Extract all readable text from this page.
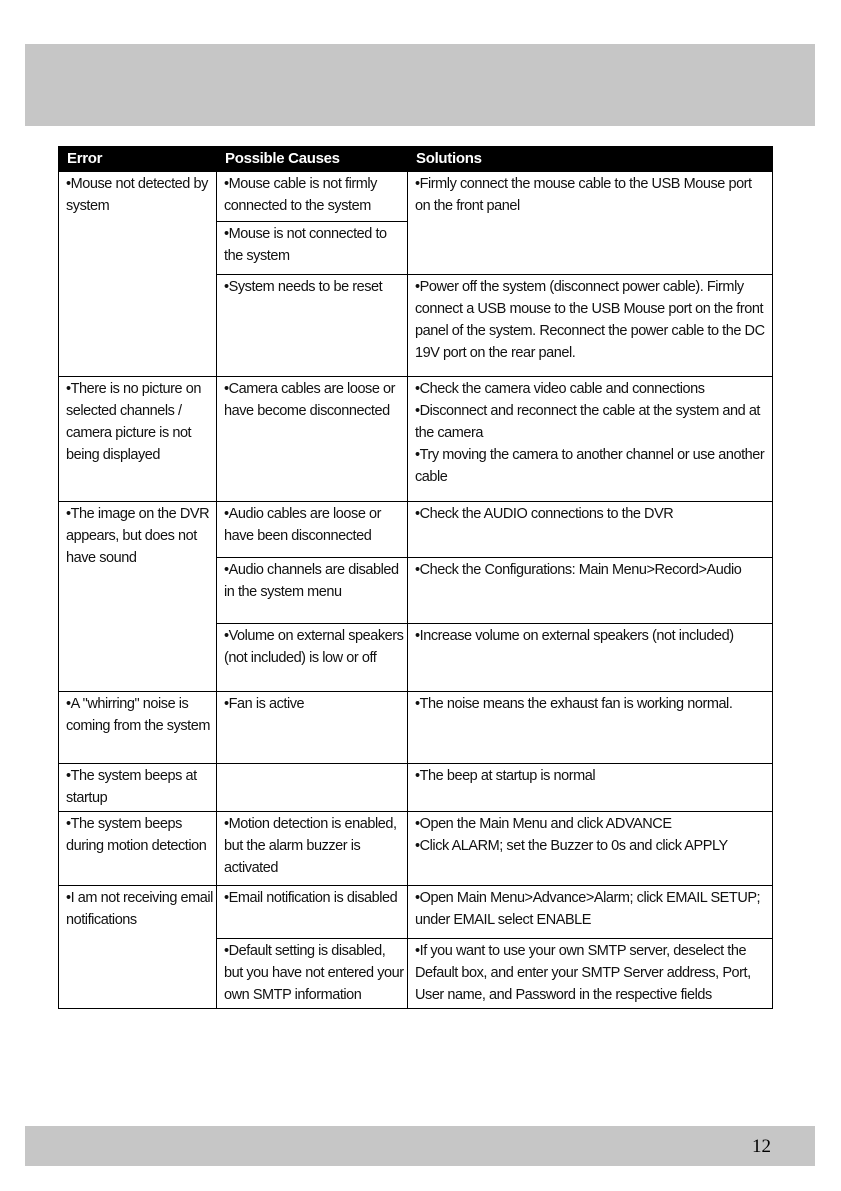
Error	Possible Causes	Solutions
•Mouse not detected by system	•Mouse cable is not firmly connected to the system	•Firmly connect the mouse cable to the USB Mouse port on the front panel

	•Mouse is not connected to the system	
	•System needs to be reset	•Power off the system (disconnect power cable). Firmly connect a USB mouse to the USB Mouse port on the front panel of the system. Reconnect the power cable to the DC 19V port on the rear panel.

•There is no picture on selected channels / camera picture is not being displayed	•Camera cables are loose or have become disconnected	•Check the camera video cable and connections
•Disconnect and reconnect the cable at the system and at the camera
•Try moving the camera to another channel or use another cable

•The image on the DVR appears, but does not have sound	•Audio cables are loose or have been disconnected	•Check the AUDIO connections to the DVR

	•Audio channels are disabled in the system menu	•Check the Configurations: Main Menu>Record>Audio

	•Volume on external speakers (not included) is low or off	•Increase volume on external speakers (not included)

•A "whirring" noise is coming from the system	•Fan is active	•The noise means the exhaust fan is working normal.

•The system beeps at startup		•The beep at startup is normal

•The system beeps during motion detection	•Motion detection is enabled, but the alarm buzzer is activated	•Open the Main Menu and click ADVANCE
•Click ALARM; set the Buzzer to 0s and click APPLY

•I am not receiving email notifications	•Email notification is disabled	•Open Main Menu>Advance>Alarm; click EMAIL SETUP; under EMAIL select ENABLE

	•Default setting is disabled, but you have not entered your own SMTP information	•If you want to use your own SMTP server, deselect the Default box, and enter your SMTP Server address, Port, User name, and Password in the respective fields
12
